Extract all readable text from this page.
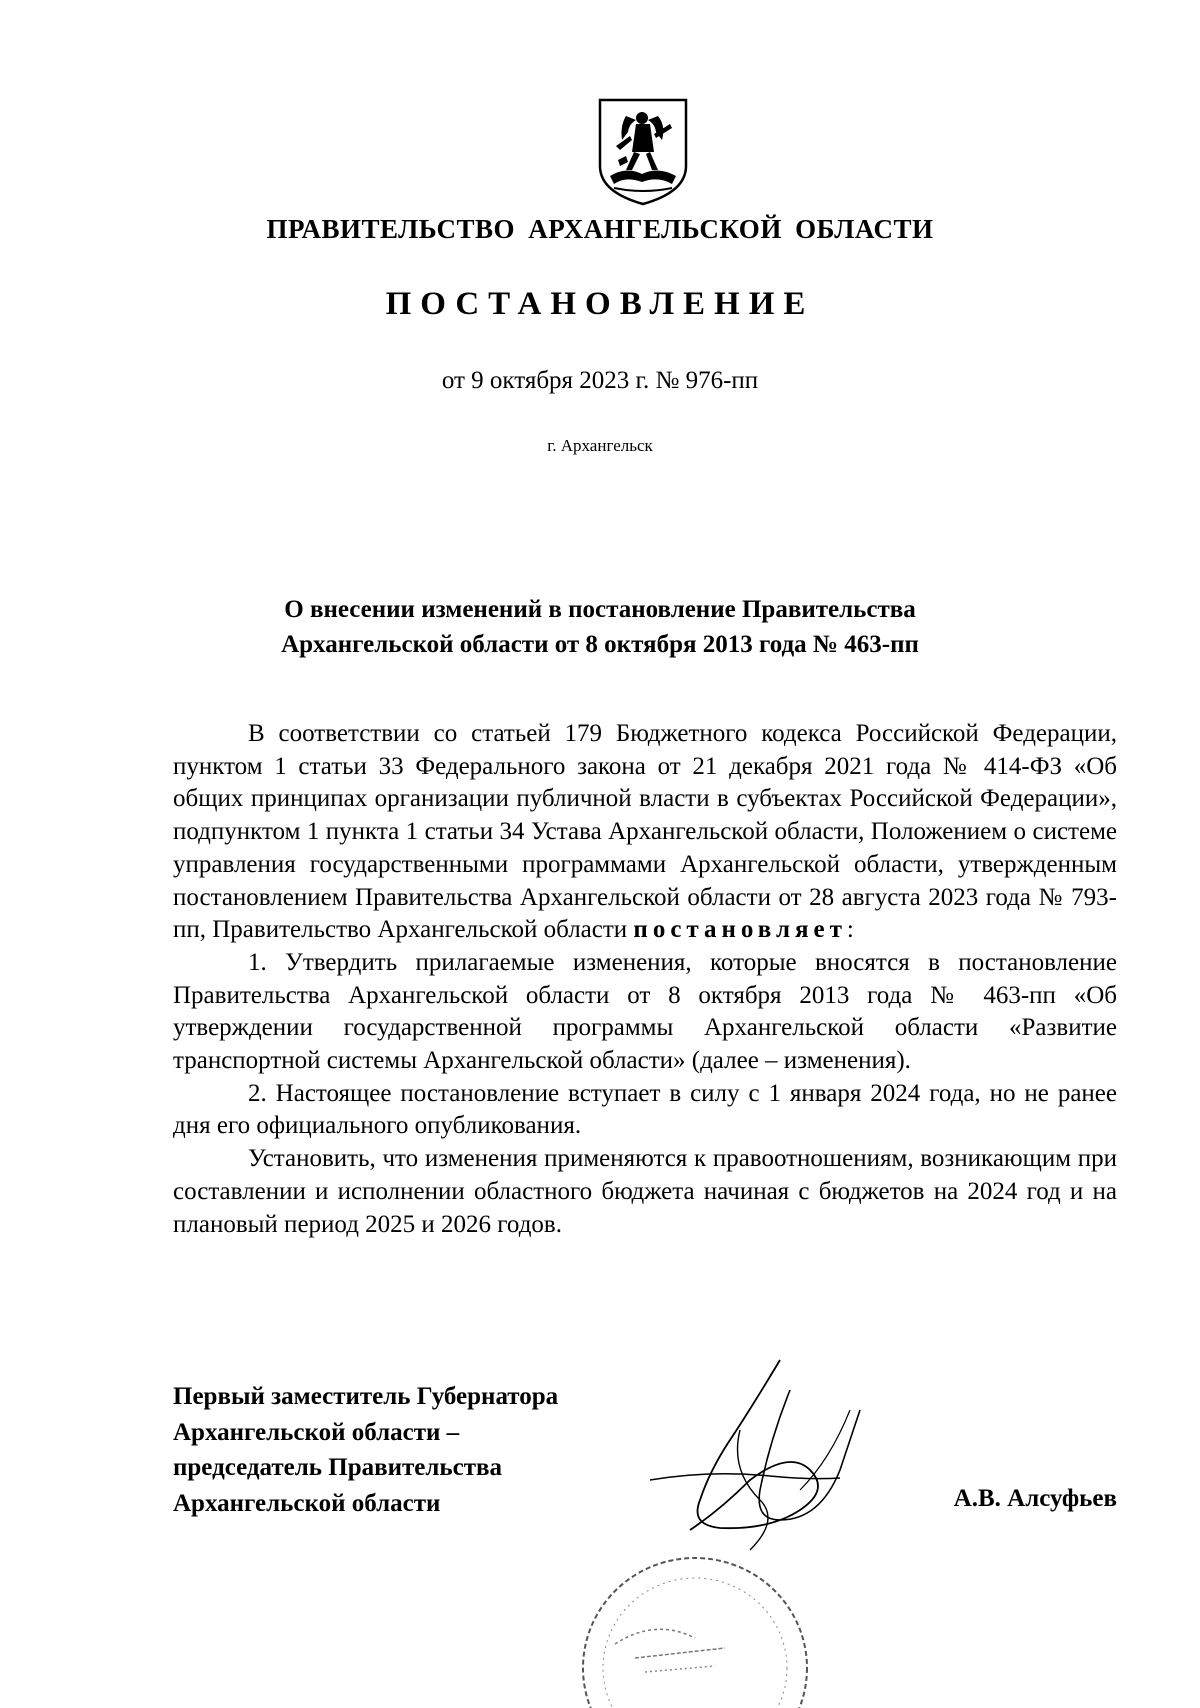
ПРАВИТЕЛЬСТВО АРХАНГЕЛЬСКОЙ ОБЛАСТИ
ПОСТАНОВЛЕНИЕ
от 9 октября 2023 г. № 976-пп
г. Архангельск
О внесении изменений в постановление Правительства
Архангельской области от 8 октября 2013 года № 463-пп

В соответствии со статьей 179 Бюджетного кодекса Российской Федерации, пунктом 1 статьи 33 Федерального закона от 21 декабря 2021 года № 414-ФЗ «Об общих принципах организации публичной власти в субъектах Российской Федерации», подпунктом 1 пункта 1 статьи 34 Устава Архангельской области, Положением о системе управления государственными программами Архангельской области, утвержденным постановлением Правительства Архангельской области от 28 августа 2023 года № 793-пп, Правительство Архангельской области постановляет:

1. Утвердить прилагаемые изменения, которые вносятся в постановление Правительства Архангельской области от 8 октября 2013 года № 463-пп «Об утверждении государственной программы Архангельской области «Развитие транспортной системы Архангельской области» (далее – изменения).

2. Настоящее постановление вступает в силу с 1 января 2024 года, но не ранее дня его официального опубликования.

Установить, что изменения применяются к правоотношениям, возникающим при составлении и исполнении областного бюджета начиная с бюджетов на 2024 год и на плановый период 2025 и 2026 годов.

Первый заместитель Губернатора
Архангельской области –
председатель Правительства
Архангельской области	А.В. Алсуфьев
